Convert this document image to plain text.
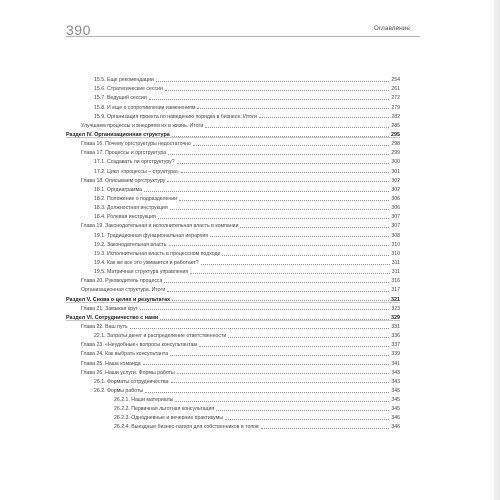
390	Оглавление
15.5. Еще рекомендации	254
15.6. Стратегические сессии	261
15.7. Ведущий сессии	272
15.8. И еще о сопротивлении изменениям	279
15.9. Организация проекта по наведению порядка в бизнесе. Итоги	282
Улучшаем процессы и внедряем их в жизнь. Итоги	285
Раздел IV. Организационная структура	295
Глава 16. Почему оргструктуры недостаточно	298
Глава 17. Процессы и оргструктура	299
17.1. Создавать ли оргструктуру?	300
17.2. Цикл «процессы – структура»	301
Глава 18. Описываем оргструктуру	302
18.1. Оргдиаграмма	302
18.2. Положение о подразделении	306
18.3. Должностная инструкция	306
18.4. Ролевая инструкция	307
Глава 19. Законодательная и исполнительная власть в компании	307
19.1. Традиционная функциональная иерархия	308
19.2. Законодательная власть	310
19.3. Исполнительная власть в процессном подходе	310
19.4. Как же все это уживается и работает?	311
19.5. Матричная структура управления	311
Глава 20. Руководитель процесса	316
Организационная структура. Итоги	317
Раздел V. Снова о целях и результатах	321
Глава 21. Замыкая круг	323
Раздел VI. Сотрудничество с нами	329
Глава 22. Ваш путь	331
22.1. Затраты денег и распределение ответственности	336
Глава 23. «Неудобные» вопросы консультантам	337
Глава 24. Как выбрать консультанта	339
Глава 25. Наша команда	341
Глава 26. Наши услуги. Формы работы	343
26.1. Форматы сотрудничества	343
26.2. Формы работы	345
26.2.1. Наши материалы	345
26.2.2. Первичная льготная консультация	345
26.2.3. Однодневные и вечерние практикумы	346
26.2.4. Выездные бизнес-лагеря для собственников и топов	346
